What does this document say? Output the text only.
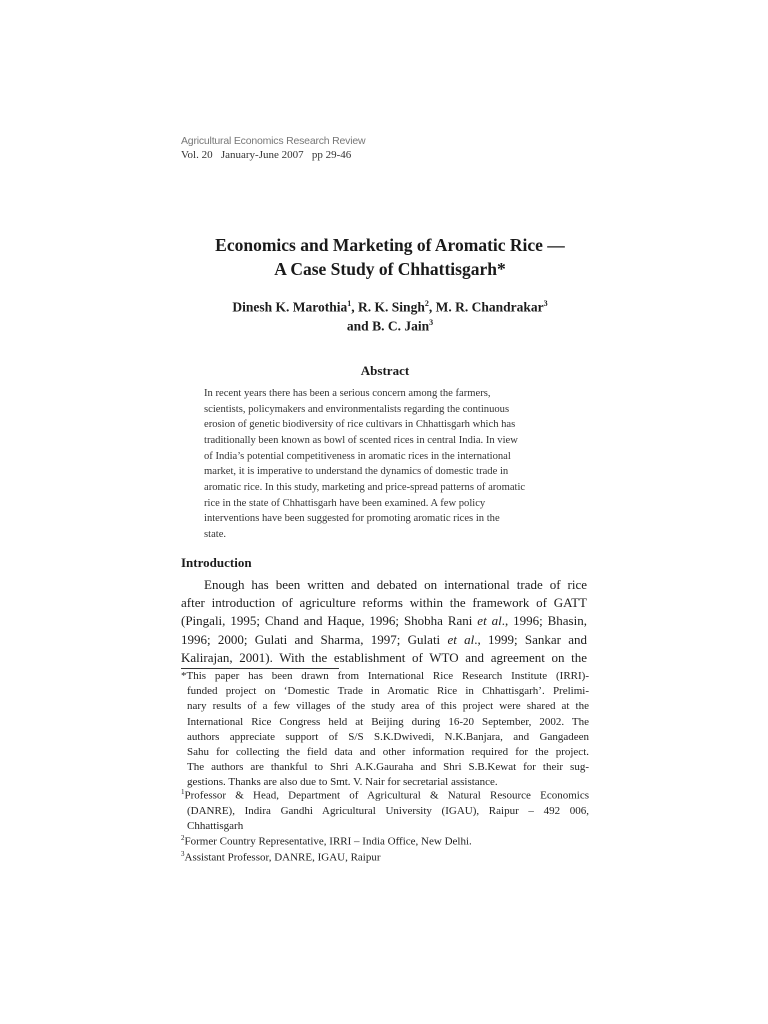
Agricultural Economics Research Review
Vol. 20   January-June 2007   pp 29-46
Economics and Marketing of Aromatic Rice —
A Case Study of Chhattisgarh*
Dinesh K. Marothia$^1$, R. K. Singh$^2$, M. R. Chandrakar$^3$
and B. C. Jain$^3$
Abstract
In recent years there has been a serious concern among the farmers,
scientists, policymakers and environmentalists regarding the continuous
erosion of genetic biodiversity of rice cultivars in Chhattisgarh which has
traditionally been known as bowl of scented rices in central India. In view
of India’s potential competitiveness in aromatic rices in the international
market, it is imperative to understand the dynamics of domestic trade in
aromatic rice. In this study, marketing and price-spread patterns of aromatic
rice in the state of Chhattisgarh have been examined. A few policy
interventions have been suggested for promoting aromatic rices in the
state.
Introduction
Enough has been written and debated on international trade of rice
after introduction of agriculture reforms within the framework of GATT
(Pingali, 1995; Chand and Haque, 1996; Shobha Rani et al., 1996; Bhasin,
1996; 2000; Gulati and Sharma, 1997; Gulati et al., 1999; Sankar and
Kalirajan, 2001). With the establishment of WTO and agreement on the
*This paper has been drawn from International Rice Research Institute (IRRI)-
funded project on ‘Domestic Trade in Aromatic Rice in Chhattisgarh’. Prelimi-
nary results of a few villages of the study area of this project were shared at the
International Rice Congress held at Beijing during 16-20 September, 2002. The
authors appreciate support of S/S S.K.Dwivedi, N.K.Banjara, and Gangadeen
Sahu for collecting the field data and other information required for the project.
The authors are thankful to Shri A.K.Gauraha and Shri S.B.Kewat for their sug-
gestions. Thanks are also due to Smt. V. Nair for secretarial assistance.
$^1$Professor & Head, Department of Agricultural & Natural Resource Economics
(DANRE), Indira Gandhi Agricultural University (IGAU), Raipur – 492 006,
Chhattisgarh
$^2$Former Country Representative, IRRI – India Office, New Delhi.
$^3$Assistant Professor, DANRE, IGAU, Raipur
